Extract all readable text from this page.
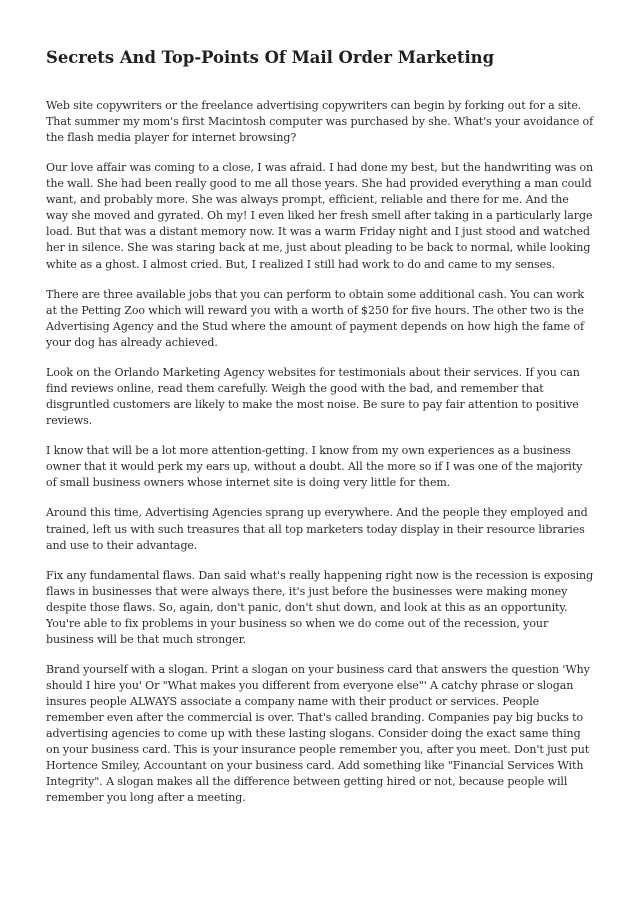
Secrets And Top-Points Of Mail Order Marketing

Web site copywriters or the freelance advertising copywriters can begin by forking out for a site. That summer my mom's first Macintosh computer was purchased by she. What's your avoidance of the flash media player for internet browsing?

Our love affair was coming to a close, I was afraid. I had done my best, but the handwriting was on the wall. She had been really good to me all those years. She had provided everything a man could want, and probably more. She was always prompt, efficient, reliable and there for me. And the way she moved and gyrated. Oh my! I even liked her fresh smell after taking in a particularly large load. But that was a distant memory now. It was a warm Friday night and I just stood and watched her in silence. She was staring back at me, just about pleading to be back to normal, while looking white as a ghost. I almost cried. But, I realized I still had work to do and came to my senses.

There are three available jobs that you can perform to obtain some additional cash. You can work at the Petting Zoo which will reward you with a worth of $250 for five hours. The other two is the Advertising Agency and the Stud where the amount of payment depends on how high the fame of your dog has already achieved.

Look on the Orlando Marketing Agency websites for testimonials about their services. If you can find reviews online, read them carefully. Weigh the good with the bad, and remember that disgruntled customers are likely to make the most noise. Be sure to pay fair attention to positive reviews.

I know that will be a lot more attention-getting. I know from my own experiences as a business owner that it would perk my ears up, without a doubt. All the more so if I was one of the majority of small business owners whose internet site is doing very little for them.

Around this time, Advertising Agencies sprang up everywhere. And the people they employed and trained, left us with such treasures that all top marketers today display in their resource libraries and use to their advantage.

Fix any fundamental flaws. Dan said what's really happening right now is the recession is exposing flaws in businesses that were always there, it's just before the businesses were making money despite those flaws. So, again, don't panic, don't shut down, and look at this as an opportunity. You're able to fix problems in your business so when we do come out of the recession, your business will be that much stronger.

Brand yourself with a slogan. Print a slogan on your business card that answers the question 'Why should I hire you' Or "What makes you different from everyone else"' A catchy phrase or slogan insures people ALWAYS associate a company name with their product or services. People remember even after the commercial is over. That's called branding. Companies pay big bucks to advertising agencies to come up with these lasting slogans. Consider doing the exact same thing on your business card. This is your insurance people remember you, after you meet. Don't just put Hortence Smiley, Accountant on your business card. Add something like "Financial Services With Integrity". A slogan makes all the difference between getting hired or not, because people will remember you long after a meeting.
